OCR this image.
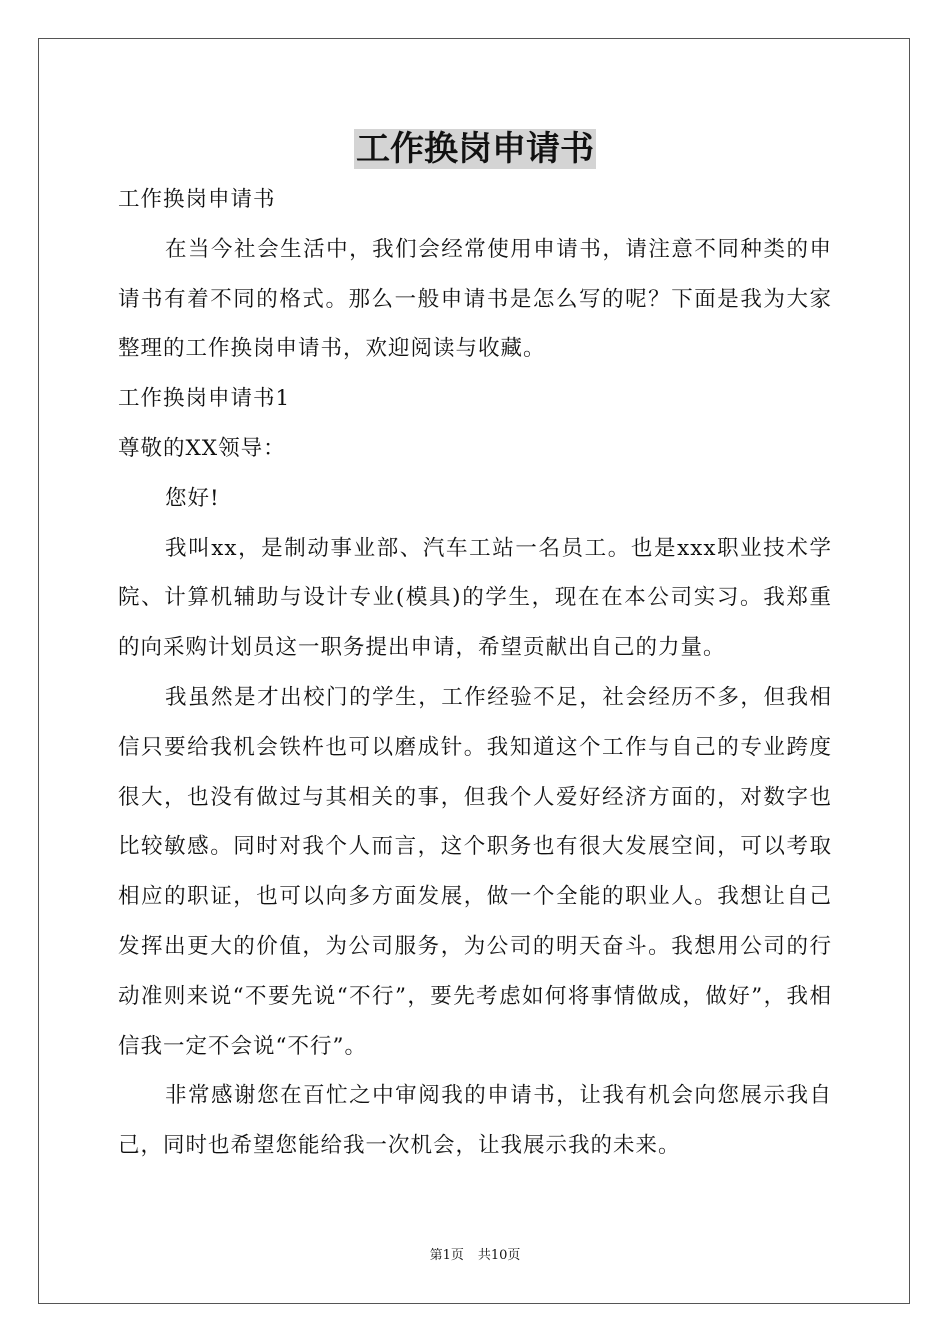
工作换岗申请书

工作换岗申请书

在当今社会生活中，我们会经常使用申请书，请注意不同种类的申请书有着不同的格式。那么一般申请书是怎么写的呢？下面是我为大家整理的工作换岗申请书，欢迎阅读与收藏。

工作换岗申请书1

尊敬的XX领导：

您好!

我叫xx，是制动事业部、汽车工站一名员工。也是xxx职业技术学院、计算机辅助与设计专业(模具)的学生，现在在本公司实习。我郑重的向采购计划员这一职务提出申请，希望贡献出自己的力量。

我虽然是才出校门的学生，工作经验不足，社会经历不多，但我相信只要给我机会铁杵也可以磨成针。我知道这个工作与自己的专业跨度很大，也没有做过与其相关的事，但我个人爱好经济方面的，对数字也比较敏感。同时对我个人而言，这个职务也有很大发展空间，可以考取相应的职证，也可以向多方面发展，做一个全能的职业人。我想让自己发挥出更大的价值，为公司服务，为公司的明天奋斗。我想用公司的行动准则来说“不要先说“不行”，要先考虑如何将事情做成，做好”，我相信我一定不会说“不行”。

非常感谢您在百忙之中审阅我的申请书，让我有机会向您展示我自己，同时也希望您能给我一次机会，让我展示我的未来。

第1页 共10页
